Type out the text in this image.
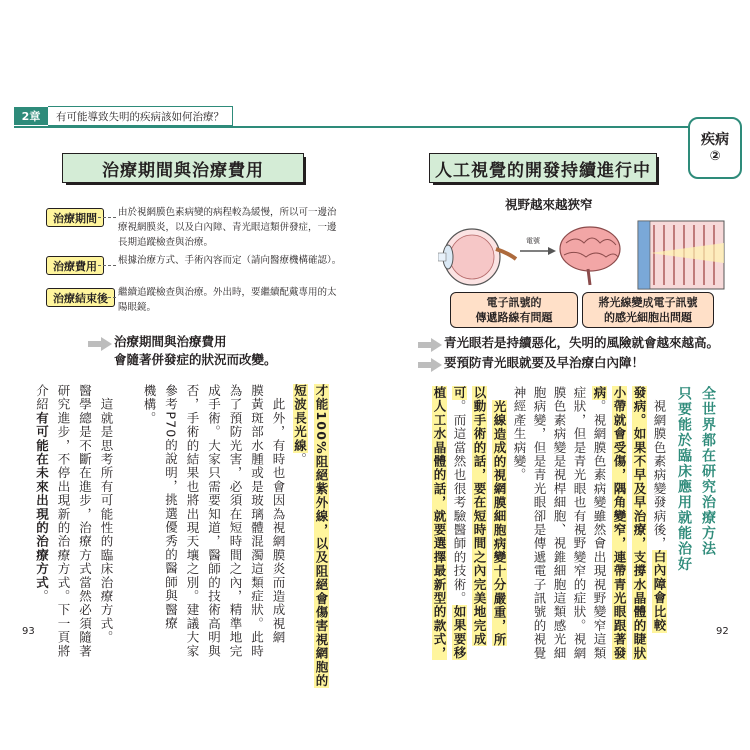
2章	有可能導致失明的疾病該如何治療？
疾病
②
治療期間與治療費用
治療期間	由於視網膜色素病變的病程較為緩慢，所以可一邊治
療視網膜炎，以及白內障、青光眼這類併發症，一邊
長期追蹤檢查與治療。
治療費用	根據治療方式、手術內容而定（請向醫療機構確認）。
治療結束後	繼續追蹤檢查與治療。外出時，要繼續配戴專用的太
陽眼鏡。
治療期間與治療費用
會隨著併發症的狀況而改變。
才能100%阻絕紫外線，以及阻絕會傷害視網胞的
短波長光線。
　此外，有時也會因為視網膜炎而造成視網
膜黃斑部水腫或是玻璃體混濁這類症狀。此時
為了預防光害，必須在短時間之內，精準地完
成手術。大家只需要知道，醫師的技術高明與
否，手術的結果也將出現天壤之別。建議大家
參考P70的說明，挑選優秀的醫師與醫療
機構。
　這就是思考所有可能性的臨床治療方式。
醫學總是不斷在進步，治療方式當然必須隨著
研究進步，不停出現新的治療方式。下一頁將
介紹有可能在未來出現的治療方式。
93
人工視覺的開發持續進行中
視野越來越狹窄
電號
電子訊號的
傳遞路線有問題
將光線變成電子訊號
的感光細胞出問題
青光眼若是持續惡化，失明的風險就會越來越高。
要預防青光眼就要及早治療白內障！
全世界都在研究治療方法
只要能於臨床應用就能治好
　視網膜色素病變發病後，白內障會比較
發病。如果不早及早治療，支撐水晶體的睫狀
小帶就會受傷，隅角變窄，連帶青光眼跟著發
病。視網膜色素病變雖然會出現視野變窄這類
症狀，但是青光眼也有視野變窄的症狀。視網
膜色素病變是視桿細胞、視錐細胞這類感光細
胞病變，但是青光眼卻是傳遞電子訊號的視覺
神經產生病變。
　光線造成的視網膜細胞病變十分嚴重，所
以動手術的話，要在短時間之內完美地完成
可。而這當然也很考驗醫師的技術。如果要移
植人工水晶體的話，就要選擇最新型的款式，	92
